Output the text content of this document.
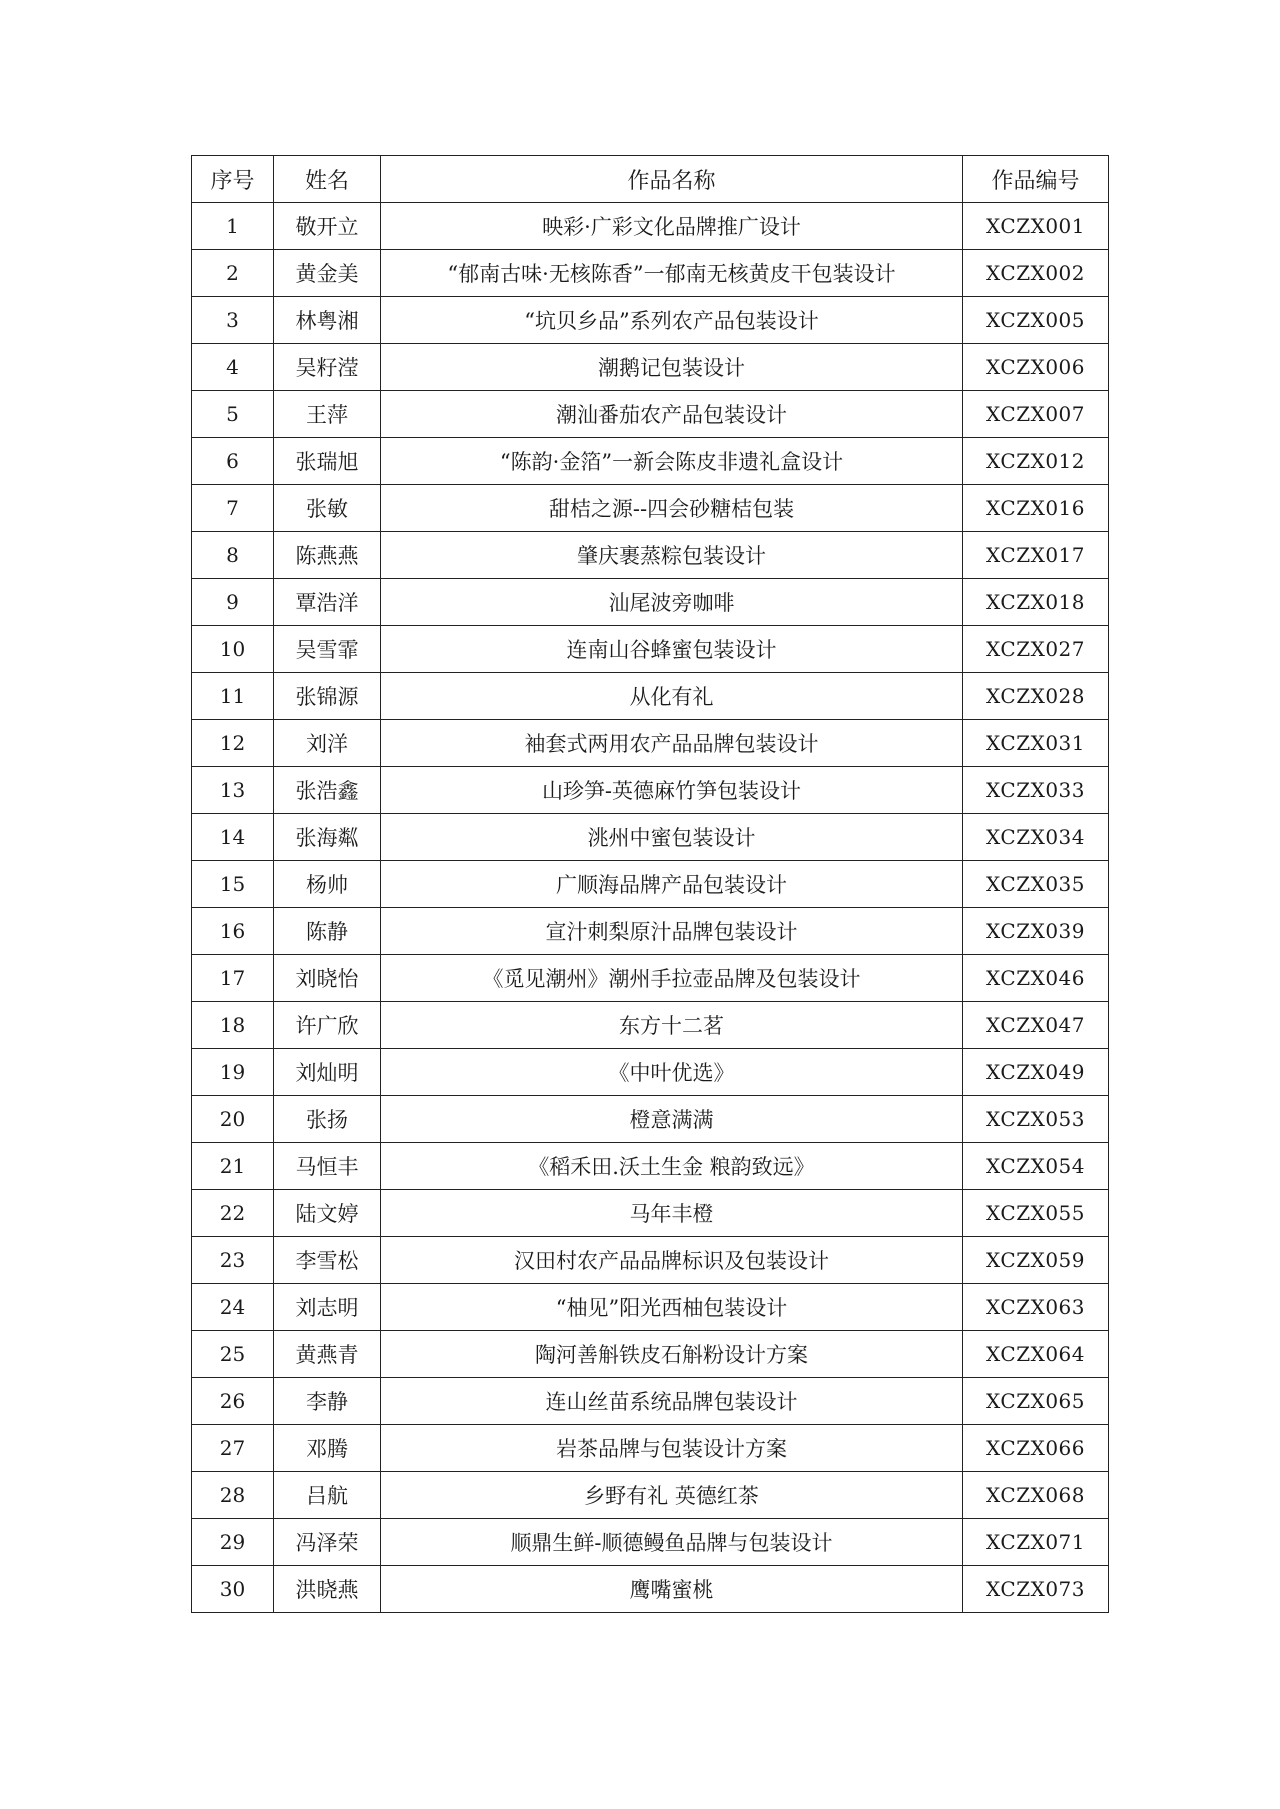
序号	姓名	作品名称	作品编号
1	敬开立	映彩·广彩文化品牌推广设计	XCZX001
2	黄金美	“郁南古味·无核陈香”一郁南无核黄皮干包装设计	XCZX002
3	林粤湘	“坑贝乡品”系列农产品包装设计	XCZX005
4	吴籽滢	潮鹅记包装设计	XCZX006
5	王萍	潮汕番茄农产品包装设计	XCZX007
6	张瑞旭	“陈韵·金箔”一新会陈皮非遗礼盒设计	XCZX012
7	张敏	甜桔之源--四会砂糖桔包装	XCZX016
8	陈燕燕	肇庆裹蒸粽包装设计	XCZX017
9	覃浩洋	汕尾波旁咖啡	XCZX018
10	吴雪霏	连南山谷蜂蜜包装设计	XCZX027
11	张锦源	从化有礼	XCZX028
12	刘洋	袖套式两用农产品品牌包装设计	XCZX031
13	张浩鑫	山珍笋-英德麻竹笋包装设计	XCZX033
14	张海粼	洮州中蜜包装设计	XCZX034
15	杨帅	广顺海品牌产品包装设计	XCZX035
16	陈静	宣汁刺梨原汁品牌包装设计	XCZX039
17	刘晓怡	《觅见潮州》潮州手拉壶品牌及包装设计	XCZX046
18	许广欣	东方十二茗	XCZX047
19	刘灿明	《中叶优选》	XCZX049
20	张扬	橙意满满	XCZX053
21	马恒丰	《稻禾田.沃土生金 粮韵致远》	XCZX054
22	陆文婷	马年丰橙	XCZX055
23	李雪松	汉田村农产品品牌标识及包装设计	XCZX059
24	刘志明	“柚见”阳光西柚包装设计	XCZX063
25	黄燕青	陶河善斛铁皮石斛粉设计方案	XCZX064
26	李静	连山丝苗系统品牌包装设计	XCZX065
27	邓腾	岩茶品牌与包装设计方案	XCZX066
28	吕航	乡野有礼 英德红茶	XCZX068
29	冯泽荣	顺鼎生鲜-顺德鳗鱼品牌与包装设计	XCZX071
30	洪晓燕	鹰嘴蜜桃	XCZX073
